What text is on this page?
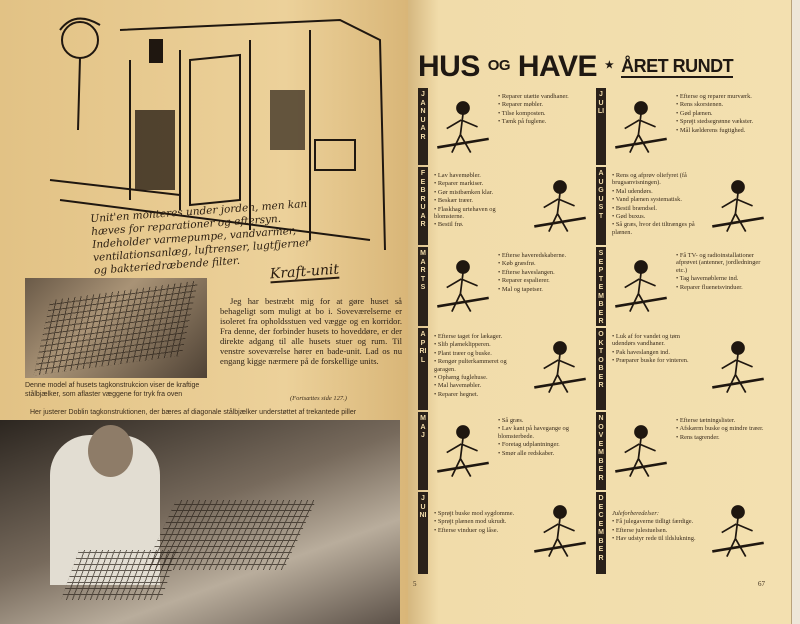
Unit'en monteres under jorden, men kan hæves for reparationer og eftersyn. Indeholder varmepumpe, vandvarmer, ventilationsanlæg, luftrenser, lugtfjerner og bakteriedræbende filter.	Kraft-unit
Denne model af husets tagkonstrukcion viser de kraftige stålbjælker, som aflaster væggene for tryk fra oven
Jeg har bestræbt mig for at gøre huset så behageligt som muligt at bo i. Soveværelserne er isoleret fra opholdsstuen ved vægge og en korridor. Fra denne, der forbinder husets to hoveddøre, er der direkte adgang til alle husets stuer og rum. Til venstre soveværelse hører en bade-unit. Lad os nu engang kigge nærmere på de forskellige units.
(Fortsættes side 127.)
Her justerer Doblin tagkonstruktionen, der bæres af diagonale stålbjælker understøttet af trekantede piller
HUS $^{OG}$ HAVE ★ ÅRET RUNDT
JANUAR
• Reparer utætte vandhaner.
• Reparer møbler.
• Tilse komposten.
• Tænk på fuglene.
FEBRUAR
• Lav havemøbler.
• Reparer markiser.
• Gør mistbænken klar.
• Beskær træer.
• Flaskhag urtehaven og blomsterne.
• Bestil frø.
MARTS
• Efterse haveredskaberne.
• Køb græsfrø.
• Efterse haveslangen.
• Reparer espalierer.
• Mal og tapetser.
APRIL
• Efterse taget for lækager.
• Slib plæneklipperen.
• Plant træer og buske.
• Rengør pulterkammeret og garagen.
• Ophæng fuglehuse.
• Mal havemøbler.
• Reparer hegnet.
MAJ
• Så græs.
• Lav kant på havegange og blomsterbede.
• Foretag udplantninger.
• Smør alle redskaber.
JUNI	• Sprøjt buske mod sygdomme.
• Sprøjt plænen mod ukrudt.
• Efterse vinduer og låse.
JULI
• Efterse og reparer murværk.
• Rens skorstenen.
• Gød plænen.
• Sprøjt stedsegrønne vækster.
• Mål kælderens fugtighed.
AUGUST
• Rens og afprøv oliefyret (få brugsanvisningen).
• Mal udendørs.
• Vand plænen systematisk.
• Bestil brændsel.
• Gød buxus.
• Så græs, hvor det tiltrænges på plænen.
SEPTEMBER
• Få TV- og radioinstallationer afprøvet (antenner, jordledninger etc.)
• Tag havemøblerne ind.
• Reparer fluenetsvinduer.
OKTOBER
• Luk af for vandet og tøm udendørs vandhaner.
• Pak haveslangen ind.
• Præparer buske for vinteren.
NOVEMBER
• Efterse tætningslister.
• Afskærm buske og mindre træer.
• Rens tagrender.
DECEMBER

Juleforberedelser:

• Få julegaverne tidligt færdige.
• Efterse julestuelsen.
• Hav udstyr rede til ildslukning.
5	67
